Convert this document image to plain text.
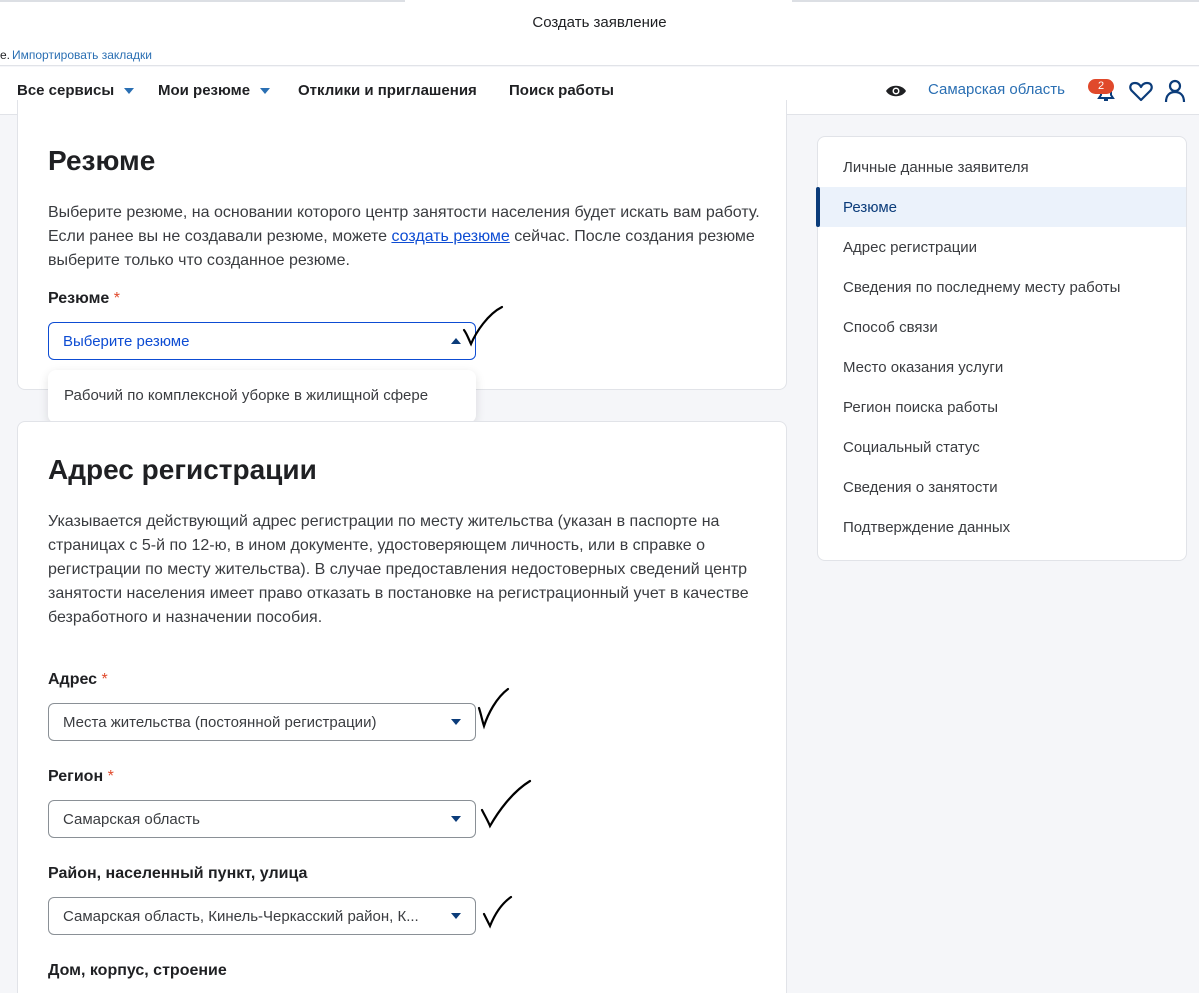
Создать заявление
е. Импортировать закладки
Все сервисы	Мои резюме	Отклики и приглашения Поиск работы	Самарская область	2
Резюме
Выберите резюме, на основании которого центр занятости населения будет искать вам работу. Если ранее вы не создавали резюме, можете создать резюме сейчас. После создания резюме выберите только что созданное резюме.
Резюме *
Выберите резюме
Рабочий по комплексной уборке в жилищной сфере
Адрес регистрации
Указывается действующий адрес регистрации по месту жительства (указан в паспорте на страницах с 5-й по 12-ю, в ином документе, удостоверяющем личность, или в справке о регистрации по месту жительства). В случае предоставления недостоверных сведений центр занятости населения имеет право отказать в постановке на регистрационный учет в качестве безработного и назначении пособия.
Адрес *
Места жительства (постоянной регистрации)
Регион *
Самарская область
Район, населенный пункт, улица
Самарская область, Кинель-Черкасский район, К...
Дом, корпус, строение
Личные данные заявителя
Резюме
Адрес регистрации
Сведения по последнему месту работы
Способ связи
Место оказания услуги
Регион поиска работы
Социальный статус
Сведения о занятости
Подтверждение данных
